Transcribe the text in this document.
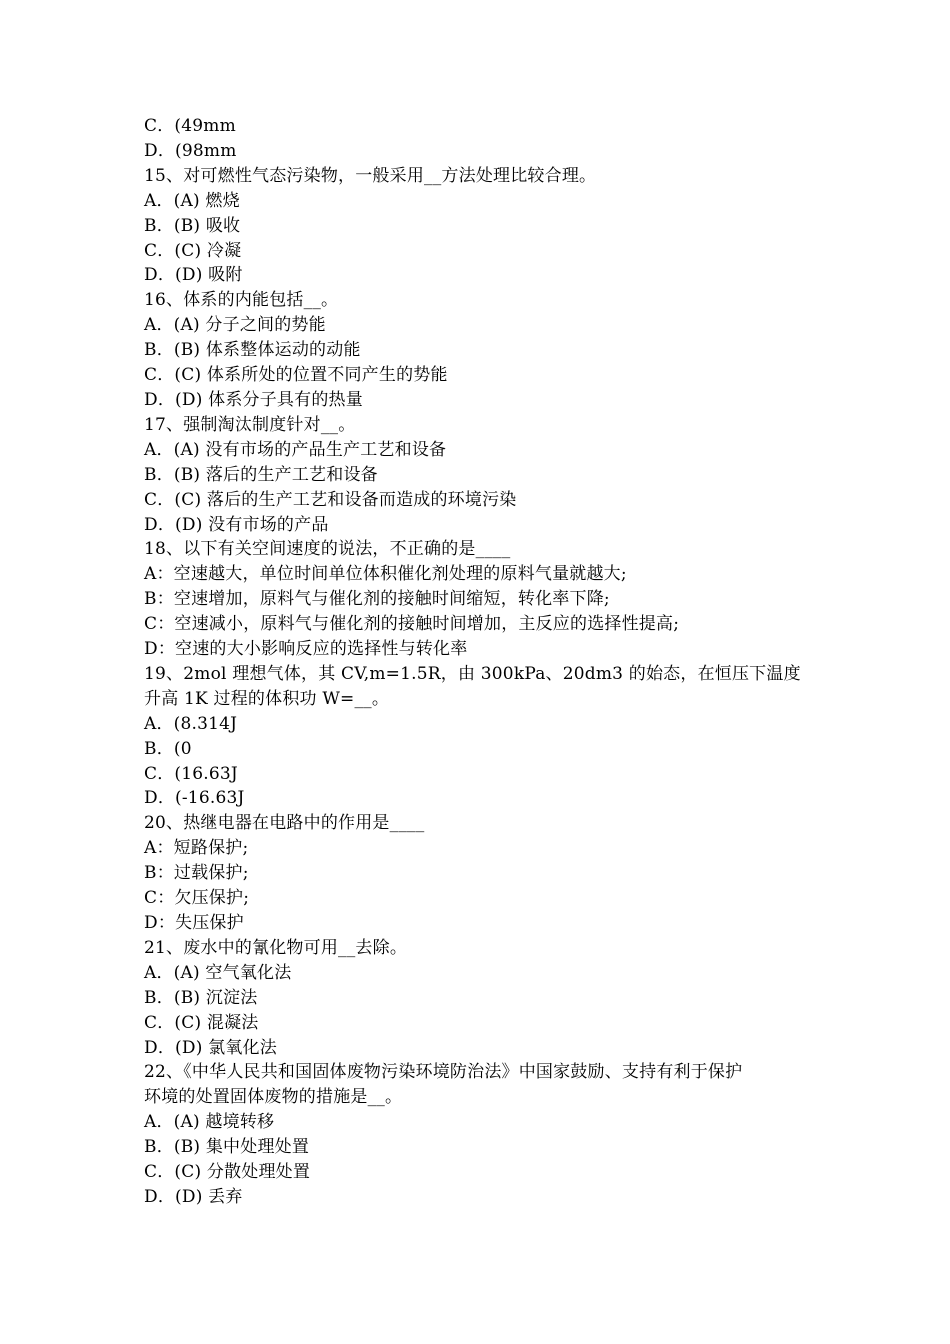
C．(49mm
D．(98mm
15、对可燃性气态污染物，一般采用__方法处理比较合理。
A．(A) 燃烧
B．(B) 吸收
C．(C) 冷凝
D．(D) 吸附
16、体系的内能包括__。
A．(A) 分子之间的势能
B．(B) 体系整体运动的动能
C．(C) 体系所处的位置不同产生的势能
D．(D) 体系分子具有的热量
17、强制淘汰制度针对__。
A．(A) 没有市场的产品生产工艺和设备
B．(B) 落后的生产工艺和设备
C．(C) 落后的生产工艺和设备而造成的环境污染
D．(D) 没有市场的产品
18、以下有关空间速度的说法，不正确的是____
A：空速越大，单位时间单位体积催化剂处理的原料气量就越大;
B：空速增加，原料气与催化剂的接触时间缩短，转化率下降;
C：空速减小，原料气与催化剂的接触时间增加，主反应的选择性提高;
D：空速的大小影响反应的选择性与转化率
19、2mol 理想气体，其 CV,m=1.5R，由 300kPa、20dm3 的始态，在恒压下温度
升高 1K 过程的体积功 W=__。
A．(8.314J
B．(0
C．(16.63J
D．(-16.63J
20、热继电器在电路中的作用是____
A：短路保护;
B：过载保护;
C：欠压保护;
D：失压保护
21、废水中的氰化物可用__去除。
A．(A) 空气氧化法
B．(B) 沉淀法
C．(C) 混凝法
D．(D) 氯氧化法
22、《中华人民共和国固体废物污染环境防治法》中国家鼓励、支持有利于保护
环境的处置固体废物的措施是__。
A．(A) 越境转移
B．(B) 集中处理处置
C．(C) 分散处理处置
D．(D) 丢弃
